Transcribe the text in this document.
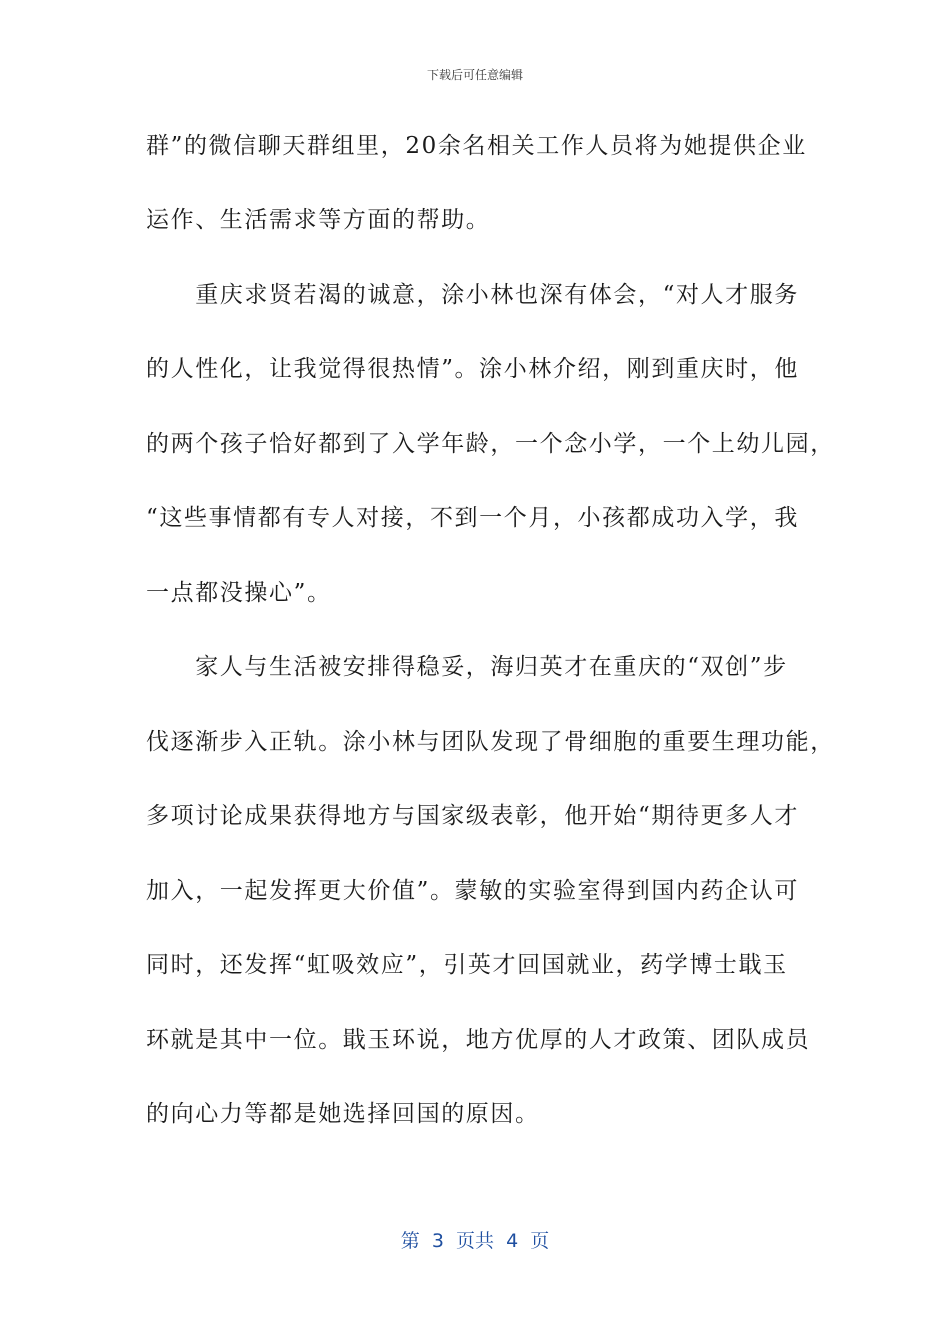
下载后可任意编辑
群”的微信聊天群组里，20余名相关工作人员将为她提供企业
运作、生活需求等方面的帮助。
　　重庆求贤若渴的诚意，涂小林也深有体会，“对人才服务
的人性化，让我觉得很热情”。涂小林介绍，刚到重庆时，他
的两个孩子恰好都到了入学年龄，一个念小学，一个上幼儿园，
“这些事情都有专人对接，不到一个月，小孩都成功入学，我
一点都没操心”。
　　家人与生活被安排得稳妥，海归英才在重庆的“双创”步
伐逐渐步入正轨。涂小林与团队发现了骨细胞的重要生理功能，
多项讨论成果获得地方与国家级表彰，他开始“期待更多人才
加入，一起发挥更大价值”。蒙敏的实验室得到国内药企认可
同时，还发挥“虹吸效应”，引英才回国就业，药学博士戢玉
环就是其中一位。戢玉环说，地方优厚的人才政策、团队成员
的向心力等都是她选择回国的原因。
第  3  页共  4  页
